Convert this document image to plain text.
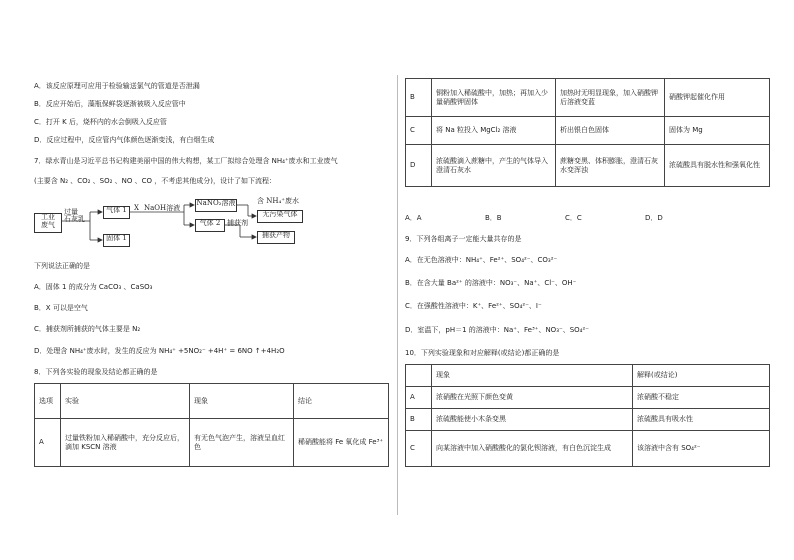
A．该反应原理可应用于检验输送氯气的管道是否泄漏
B．反应开始后，藻瓶保鲜袋逐渐被吸入反应管中
C．打开 K 后，烧杯内的水会倒吸入反应管
D．反应过程中，反应管内气体颜色逐渐变浅，有白烟生成
7．绿水青山是习近平总书记构建美丽中国的伟大构想，某工厂拟综合处理含 NH₄⁺废水和工业废气
(主要含 N₂ 、CO₂ 、SO₂ 、NO 、CO ，不考虑其他成分)，设计了如下流程：
工业
废气
过量
石灰乳
气体 1
固体 1
X NaOH溶液
NaNO₂溶液	含 NH₄⁺废水
气体 2 捕获剂
无污染气体
捕获产物
下列说法正确的是
A．固体 1 的成分为 CaCO₃ 、CaSO₃
B．X 可以是空气
C．捕获剂所捕获的气体主要是 N₂
D．处理含 NH₄⁺废水时，发生的反应为 NH₄⁺ +5NO₂⁻ +4H⁺ = 6NO ↑+4H₂O
8．下列各实验的现象及结论都正确的是
选项	实验	现象	结论
A	过量铁粉加入稀硝酸中，充分反应后，滴加 KSCN 溶液	有无色气泡产生，溶液呈血红色	稀硝酸能将 Fe 氧化成 Fe³⁺
B	铜粉加入稀硫酸中，加热；再加入少量硝酸钾固体	加热时无明显现象，加入硝酸钾后溶液变蓝	硝酸钾起催化作用
C	将 Na 粒投入 MgCl₂ 溶液	析出银白色固体	固体为 Mg
D	浓硫酸滴入蔗糖中，产生的气体导入澄清石灰水	蔗糖变黑、体积膨胀，澄清石灰水变浑浊	浓硫酸具有脱水性和强氧化性
A．A	B．B	C．C	D．D
9．下列各组离子一定能大量共存的是
A．在无色溶液中：NH₄⁺、Fe²⁺、SO₄²⁻、CO₃²⁻
B．在含大量 Ba²⁺ 的溶液中：NO₃⁻、Na⁺、Cl⁻、OH⁻
C．在强酸性溶液中：K⁺、Fe²⁺、SO₄²⁻、I⁻
D．室温下，pH＝1 的溶液中：Na⁺、Fe³⁺、NO₃⁻、SO₄²⁻
10．下列实验现象和对应解释(或结论)都正确的是
	现象	解释(或结论)
A	浓硝酸在光照下颜色变黄	浓硝酸不稳定
B	浓硫酸能使小木条变黑	浓硫酸具有吸水性
C	向某溶液中加入硝酸酸化的氯化钡溶液，有白色沉淀生成	该溶液中含有 SO₄²⁻
